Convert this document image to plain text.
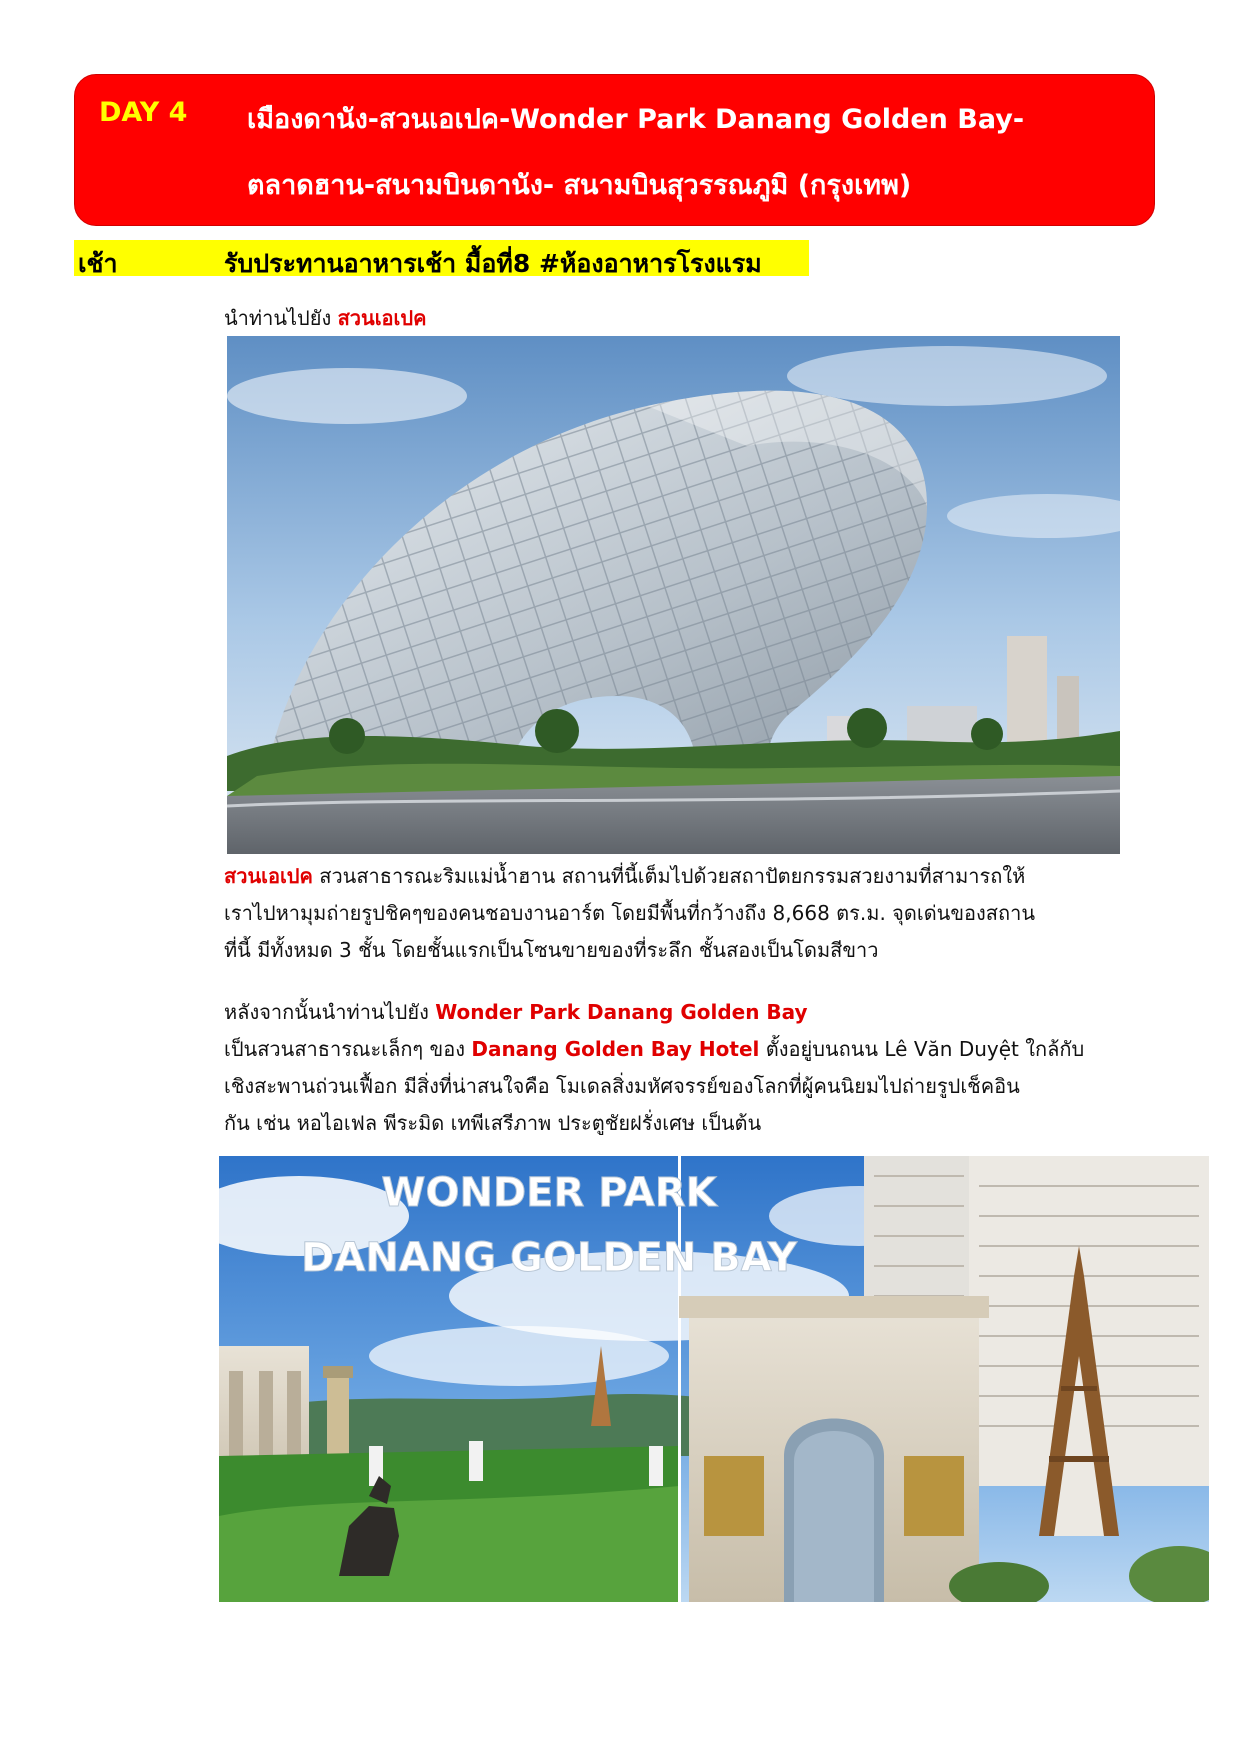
DAY 4 เมืองดานัง-สวนเอเปค-Wonder Park Danang Golden Bay-
ตลาดฮาน-สนามบินดานัง- สนามบินสุวรรณภูมิ (กรุงเทพ)
เช้า	รับประทานอาหารเช้า มื้อที่8 #ห้องอาหารโรงแรม
นำท่านไปยัง สวนเอเปค
สวนเอเปค สวนสาธารณะริมแม่น้ำฮาน สถานที่นี้เต็มไปด้วยสถาปัตยกรรมสวยงามที่สามารถให้
เราไปหามุมถ่ายรูปชิคๆของคนชอบงานอาร์ต โดยมีพื้นที่กว้างถึง 8,668 ตร.ม. จุดเด่นของสถาน
ที่นี้ มีทั้งหมด 3 ชั้น โดยชั้นแรกเป็นโซนขายของที่ระลึก ชั้นสองเป็นโดมสีขาว
หลังจากนั้นนำท่านไปยัง Wonder Park Danang Golden Bay
เป็นสวนสาธารณะเล็กๆ ของ Danang Golden Bay Hotel ตั้งอยู่บนถนน Lê Văn Duyệt ใกล้กับ
เชิงสะพานถ่วนเฟื้อก มีสิ่งที่น่าสนใจคือ โมเดลสิ่งมหัศจรรย์ของโลกที่ผู้คนนิยมไปถ่ายรูปเช็คอิน
กัน เช่น หอไอเฟล พีระมิด เทพีเสรีภาพ ประตูชัยฝรั่งเศษ เป็นต้น
WONDER PARK
DANANG GOLDEN BAY
